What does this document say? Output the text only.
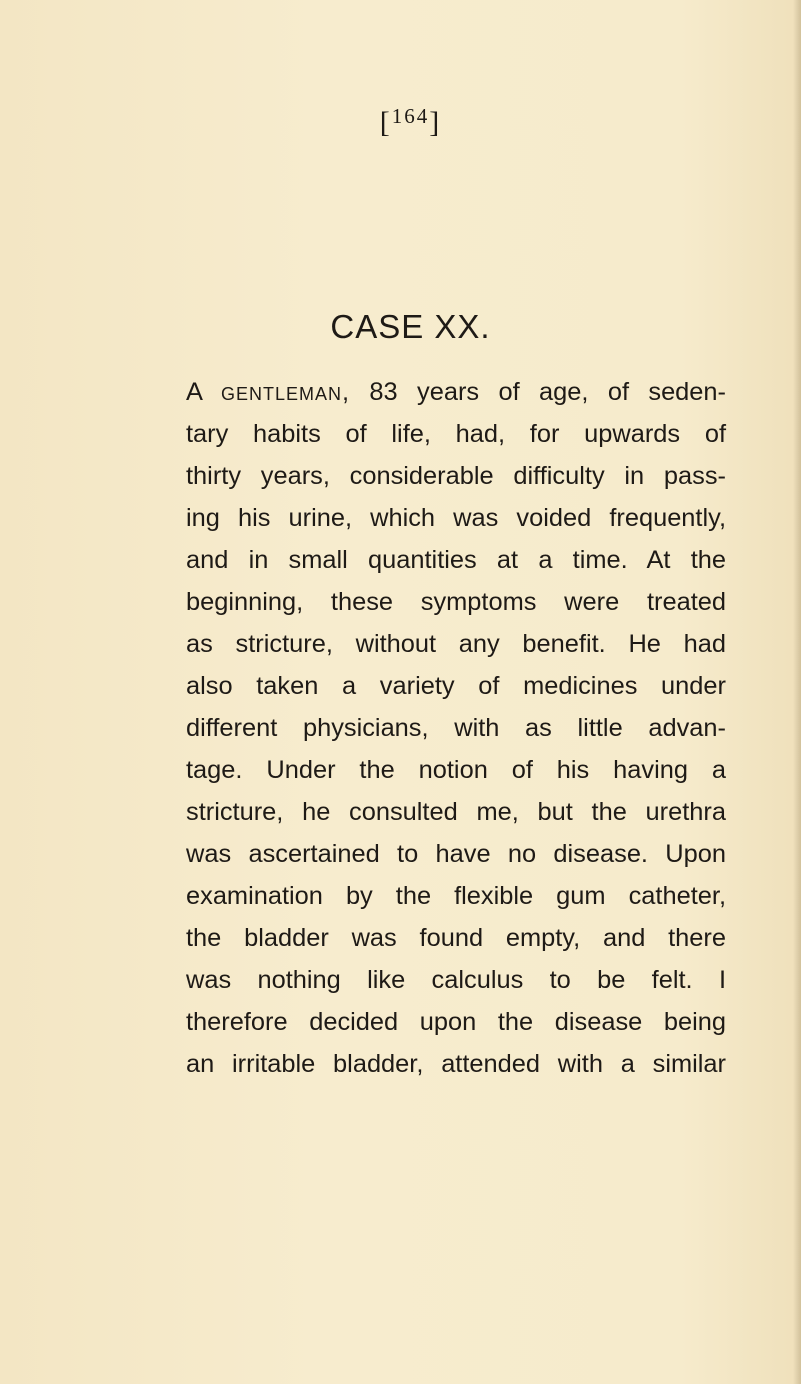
[$^{164}$]
CASE XX.
A gentleman, 83 years of age, of seden-
tary habits of life, had, for upwards of
thirty years, considerable difficulty in pass-
ing his urine, which was voided frequently,
and in small quantities at a time. At the
beginning, these symptoms were treated
as stricture, without any benefit. He had
also taken a variety of medicines under
different physicians, with as little advan-
tage. Under the notion of his having a
stricture, he consulted me, but the urethra
was ascertained to have no disease. Upon
examination by the flexible gum catheter,
the bladder was found empty, and there
was nothing like calculus to be felt. I
therefore decided upon the disease being
an irritable bladder, attended with a similar
